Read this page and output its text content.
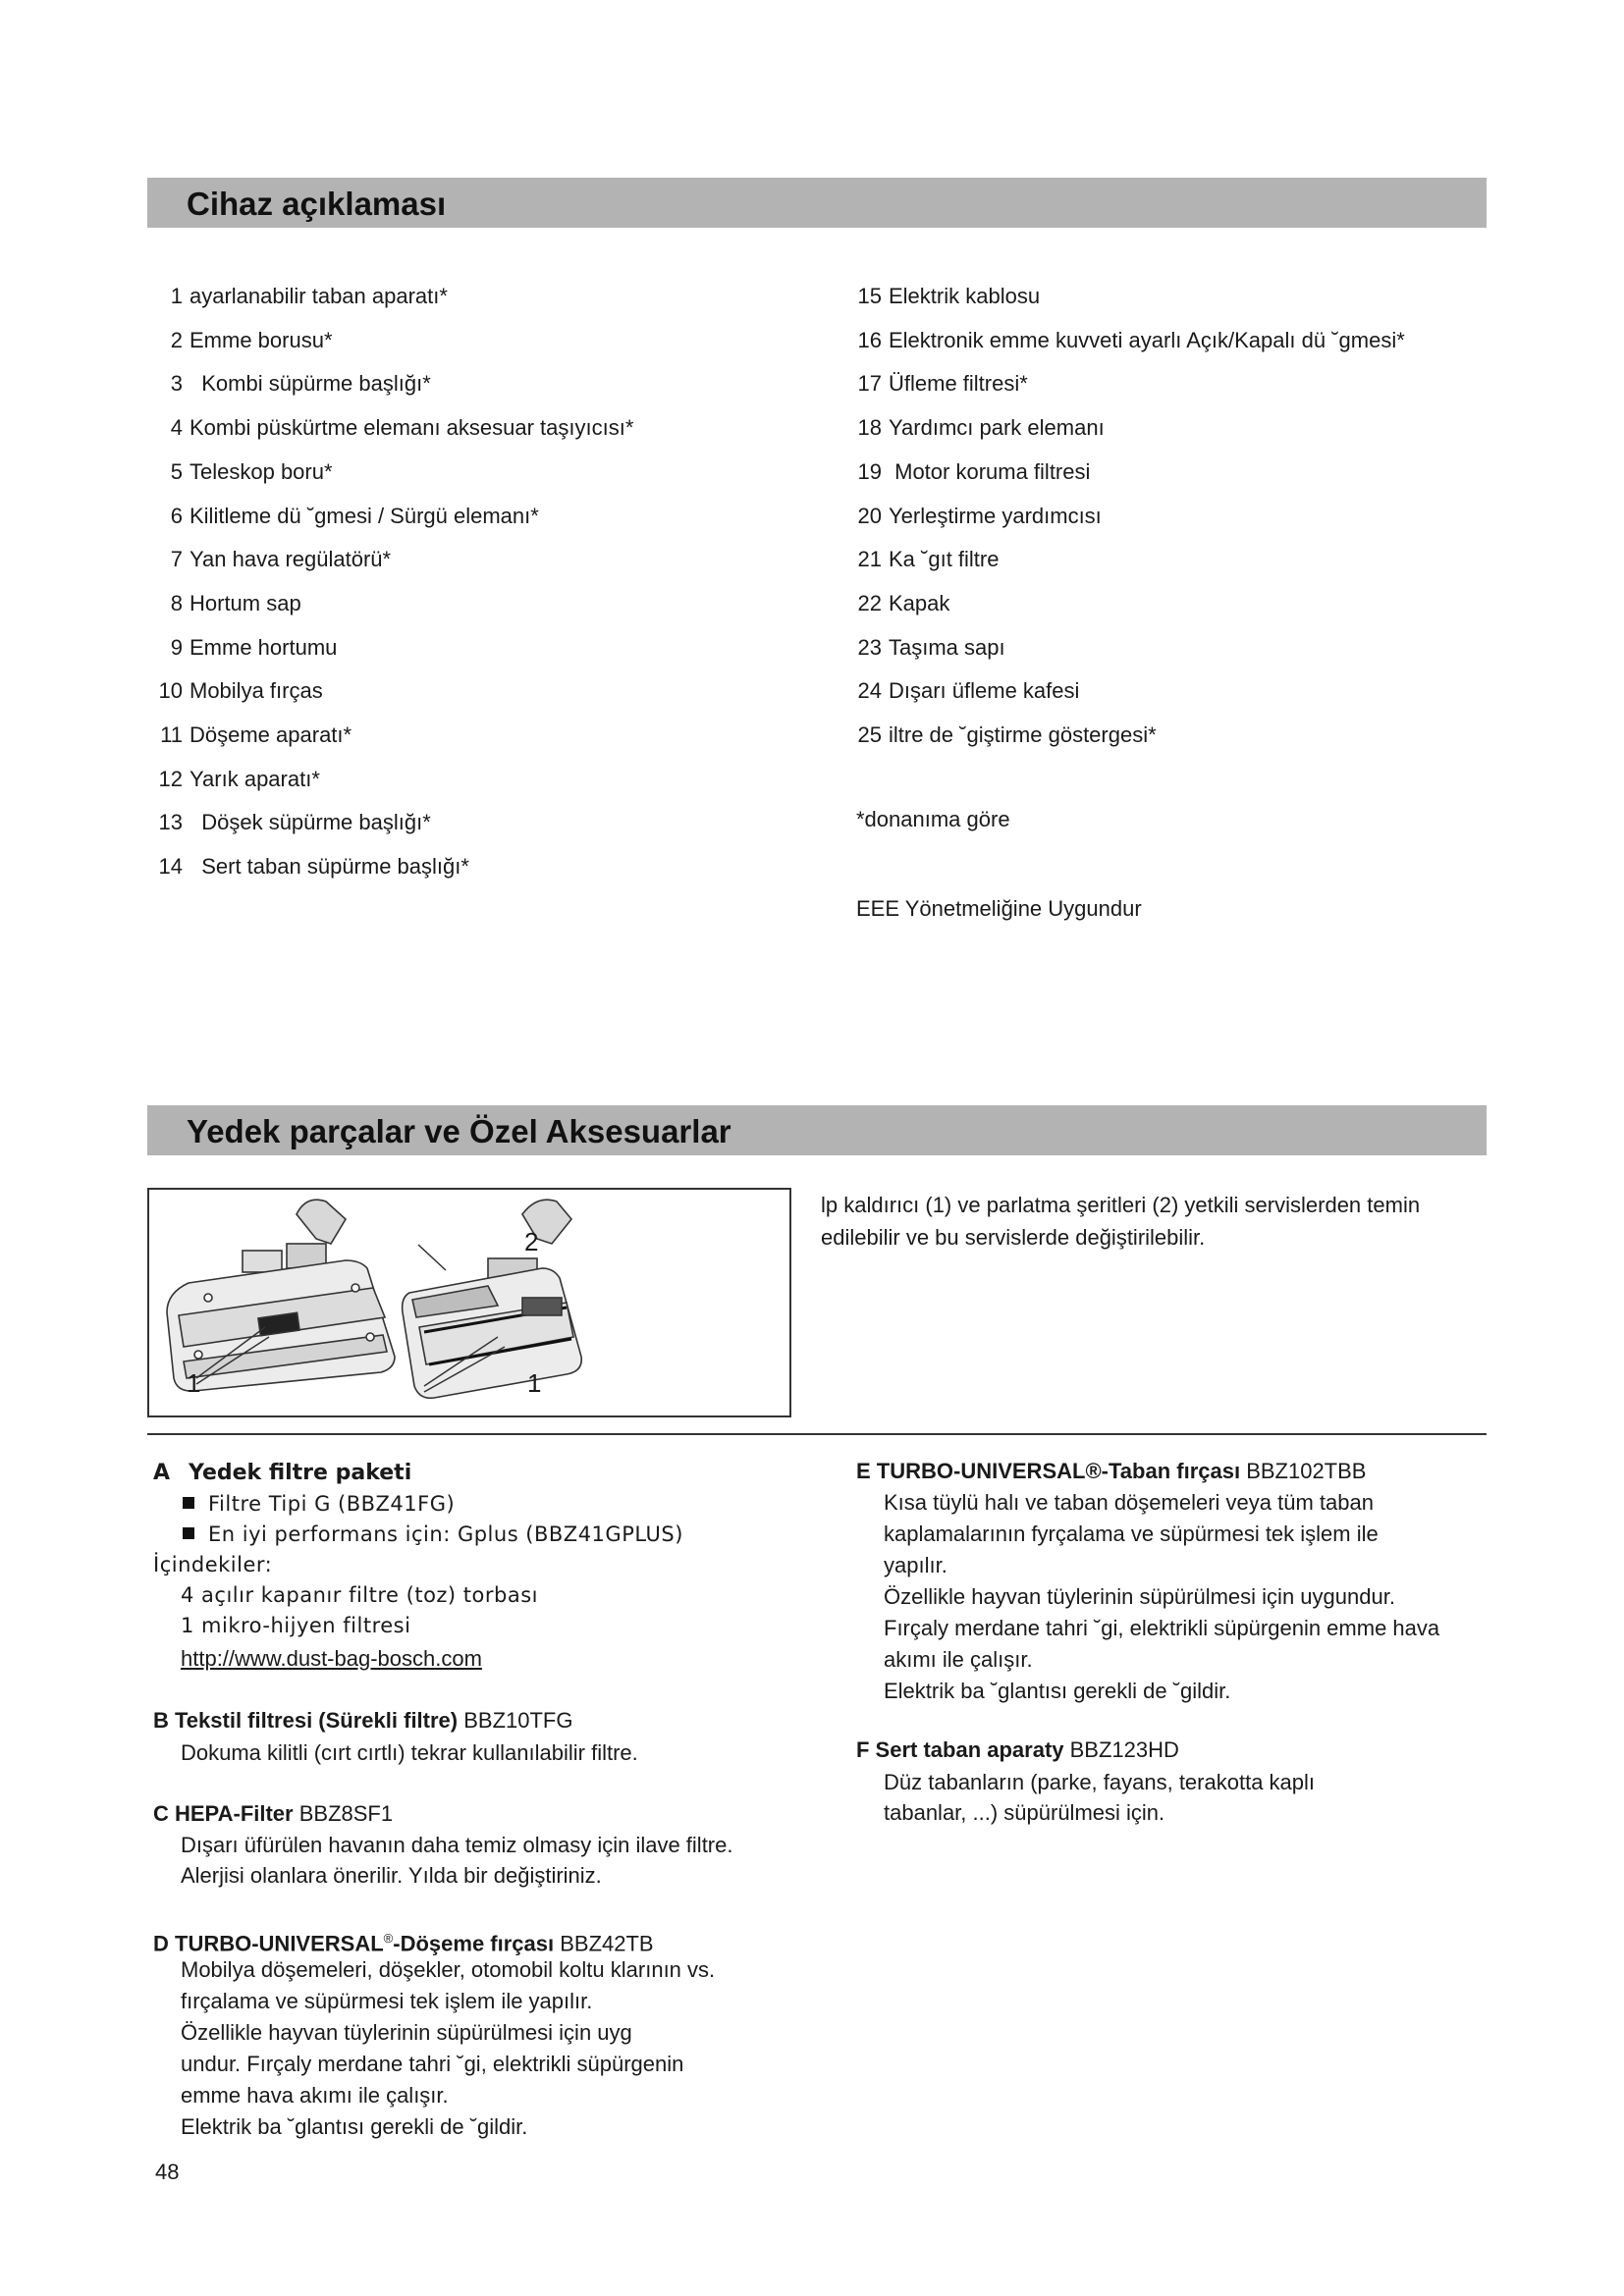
Cihaz açıklaması
1 ayarlanabilir taban aparatı*
2 Emme borusu*
3  Kombi süpürme başlığı*
4 Kombi püskürtme elemanı aksesuar taşıyıcısı*
5 Teleskop boru*
6 Kilitleme dü ˘gmesi / Sürgü elemanı*
7 Yan hava regülatörü*
8 Hortum sap
9 Emme hortumu
10 Mobilya fırças
11 Döşeme aparatı*
12 Yarık aparatı*
13  Döşek süpürme başlığı*
14  Sert taban süpürme başlığı*
15 Elektrik kablosu
16 Elektronik emme kuvveti ayarlı Açık/Kapalı dü ˘gmesi*
17 Üfleme filtresi*
18 Yardımcı park elemanı
19 Motor koruma filtresi
20 Yerleştirme yardımcısı
21 Ka ˘gıt filtre
22 Kapak
23 Taşıma sapı
24 Dışarı üfleme kafesi
25 iltre de ˘giştirme göstergesi*
*donanıma göre
EEE Yönetmeliğine Uygundur
Yedek parçalar ve Özel Aksesuarlar
1	1
2
lp kaldırıcı (1) ve parlatma şeritleri (2) yetkili servislerden temin
edilebilir ve bu servislerde değiştirilebilir.
A Yedek filtre paketi
Filtre Tipi G (BBZ41FG)
En iyi performans için: Gplus (BBZ41GPLUS)
İçindekiler:
4 açılır kapanır filtre (toz) torbası
1 mikro-hijyen filtresi
http://www.dust-bag-bosch.com
B Tekstil filtresi (Sürekli filtre) BBZ10TFG
Dokuma kilitli (cırt cırtlı) tekrar kullanılabilir filtre.
C HEPA-Filter BBZ8SF1
Dışarı üfürülen havanın daha temiz olmasy için ilave filtre.
Alerjisi olanlara önerilir. Yılda bir değiştiriniz.
D TURBO-UNIVERSAL®-Döşeme fırçası BBZ42TB
Mobilya döşemeleri, döşekler, otomobil koltu klarının vs.
fırçalama ve süpürmesi tek işlem ile yapılır.
Özellikle hayvan tüylerinin süpürülmesi için uyg
undur. Fırçaly merdane tahri ˘gi, elektrikli süpürgenin
emme hava akımı ile çalışır.
Elektrik ba ˘glantısı gerekli de ˘gildir.
E TURBO-UNIVERSAL®-Taban fırçası BBZ102TBB
Kısa tüylü halı ve taban döşemeleri veya tüm taban
kaplamalarının fyrçalama ve süpürmesi tek işlem ile
yapılır.
Özellikle hayvan tüylerinin süpürülmesi için uygundur.
Fırçaly merdane tahri ˘gi, elektrikli süpürgenin emme hava
akımı ile çalışır.
Elektrik ba ˘glantısı gerekli de ˘gildir.
F Sert taban aparaty BBZ123HD
Düz tabanların (parke, fayans, terakotta kaplı
tabanlar, ...) süpürülmesi için.
48
